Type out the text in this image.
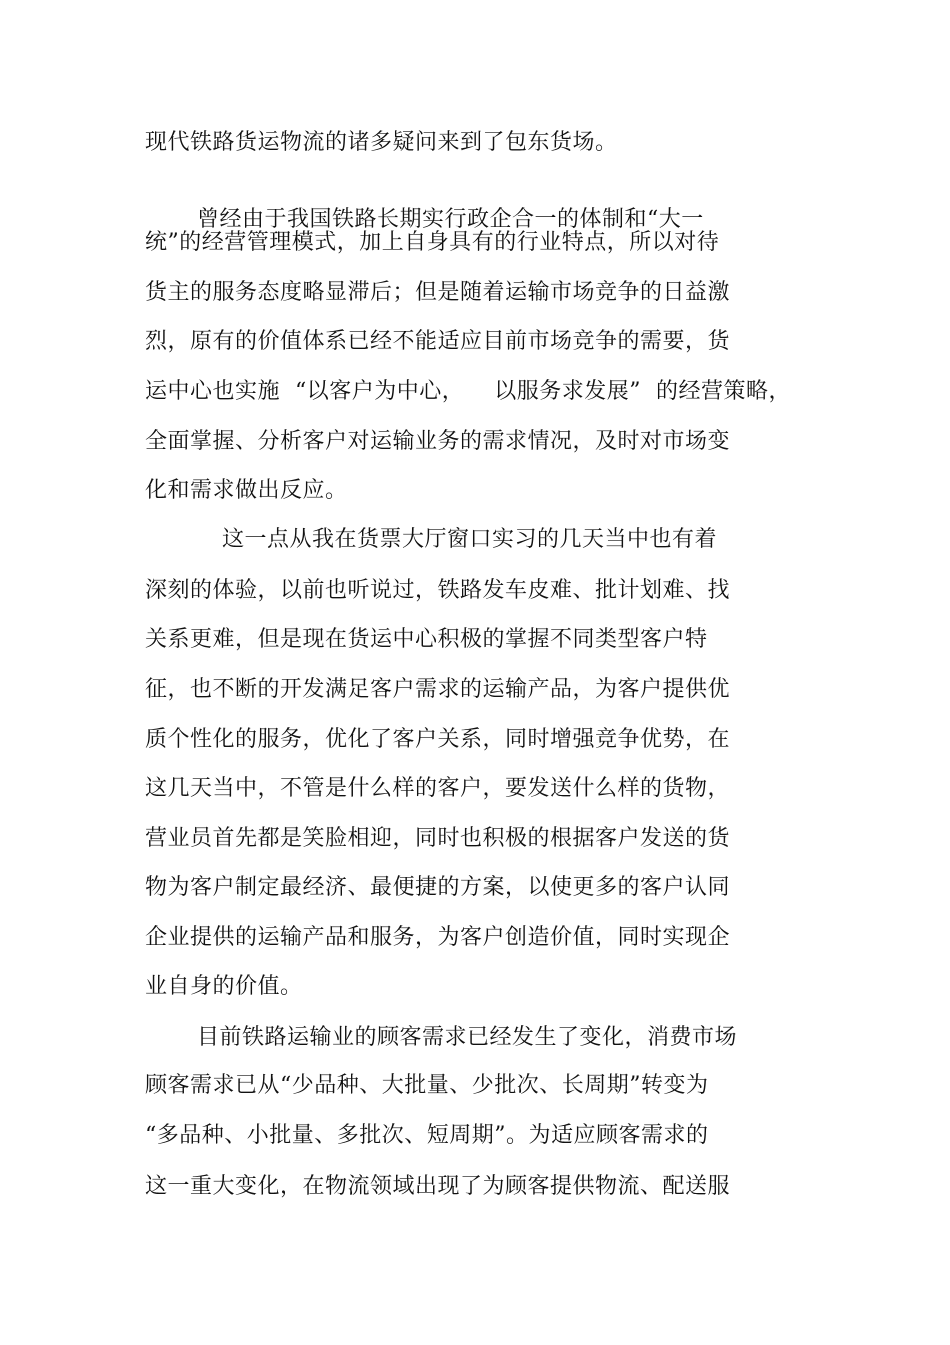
现代铁路货运物流的诸多疑问来到了包东货场。
曾经由于我国铁路长期实行政企合一的体制和“大一
统”的经营管理模式，加上自身具有的行业特点，所以对待
货主的服务态度略显滞后；但是随着运输市场竞争的日益激
烈，原有的价值体系已经不能适应目前市场竞争的需要，货
运中心也实施  “以客户为中心，    以服务求发展”  的经营策略，
全面掌握、分析客户对运输业务的需求情况，及时对市场变
化和需求做出反应。
这一点从我在货票大厅窗口实习的几天当中也有着
深刻的体验，以前也听说过，铁路发车皮难、批计划难、找
关系更难，但是现在货运中心积极的掌握不同类型客户特
征，也不断的开发满足客户需求的运输产品，为客户提供优
质个性化的服务，优化了客户关系，同时增强竞争优势，在
这几天当中，不管是什么样的客户，要发送什么样的货物，
营业员首先都是笑脸相迎，同时也积极的根据客户发送的货
物为客户制定最经济、最便捷的方案，以使更多的客户认同
企业提供的运输产品和服务，为客户创造价值，同时实现企
业自身的价值。
目前铁路运输业的顾客需求已经发生了变化，消费市场
顾客需求已从“少品种、大批量、少批次、长周期”转变为
“多品种、小批量、多批次、短周期”。为适应顾客需求的
这一重大变化，在物流领域出现了为顾客提供物流、配送服
